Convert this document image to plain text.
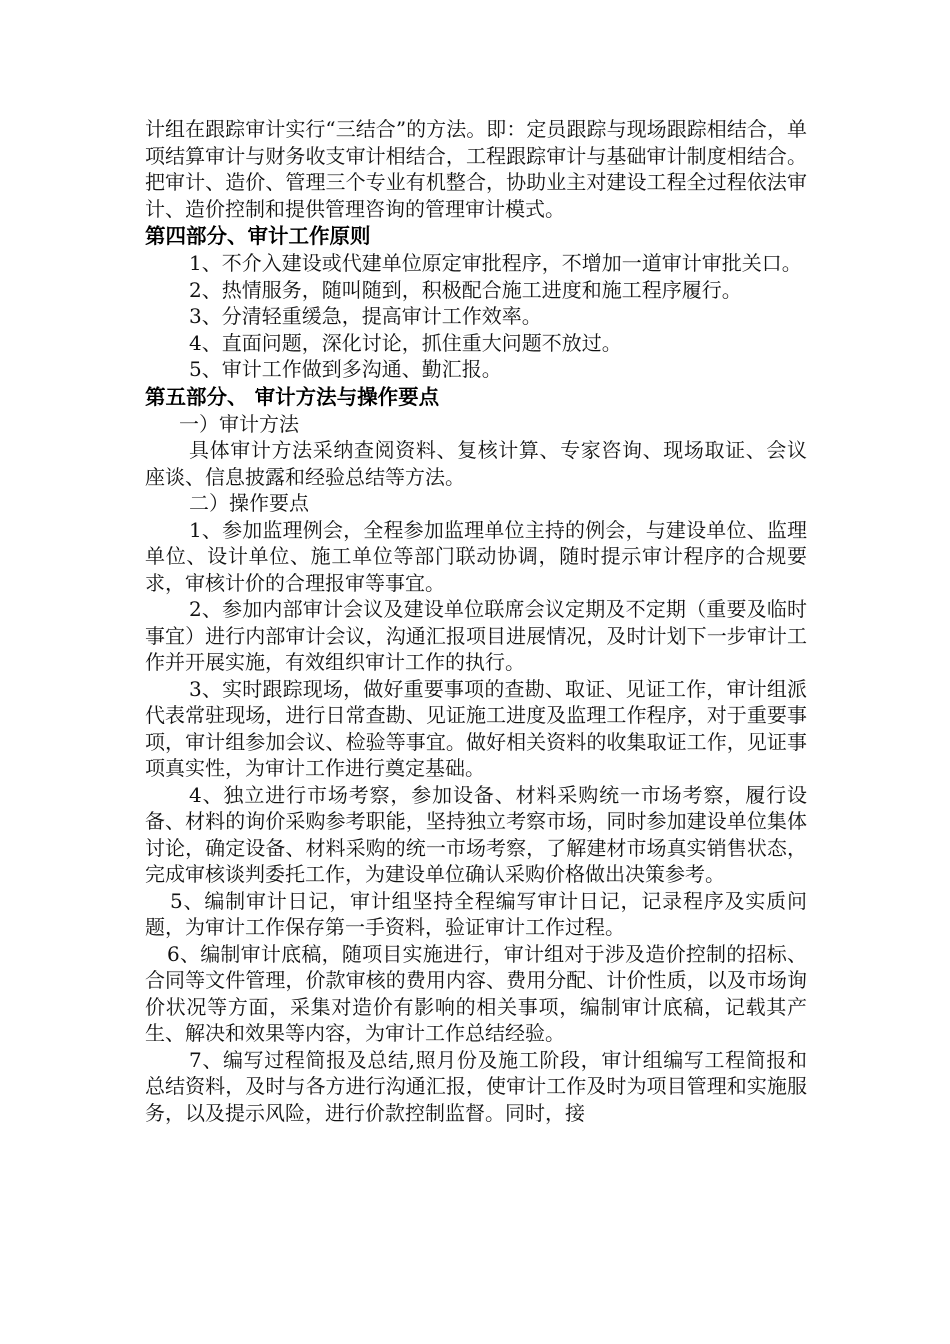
计组在跟踪审计实行“三结合”的方法。即：定员跟踪与现场跟踪相结合，单项结算审计与财务收支审计相结合，工程跟踪审计与基础审计制度相结合。把审计、造价、管理三个专业有机整合，协助业主对建设工程全过程依法审计、造价控制和提供管理咨询的管理审计模式。

第四部分、审计工作原则

1、不介入建设或代建单位原定审批程序，不增加一道审计审批关口。

2、热情服务，随叫随到，积极配合施工进度和施工程序履行。

3、分清轻重缓急，提高审计工作效率。

4、直面问题，深化讨论，抓住重大问题不放过。

5、审计工作做到多沟通、勤汇报。

第五部分、 审计方法与操作要点

一）审计方法

具体审计方法采纳查阅资料、复核计算、专家咨询、现场取证、会议座谈、信息披露和经验总结等方法。

二）操作要点

1、参加监理例会，全程参加监理单位主持的例会，与建设单位、监理单位、设计单位、施工单位等部门联动协调，随时提示审计程序的合规要求，审核计价的合理报审等事宜。

2、参加内部审计会议及建设单位联席会议定期及不定期（重要及临时事宜）进行内部审计会议，沟通汇报项目进展情况，及时计划下一步审计工作并开展实施，有效组织审计工作的执行。

3、实时跟踪现场，做好重要事项的查勘、取证、见证工作，审计组派代表常驻现场，进行日常查勘、见证施工进度及监理工作程序，对于重要事项，审计组参加会议、检验等事宜。做好相关资料的收集取证工作，见证事项真实性，为审计工作进行奠定基础。

4、独立进行市场考察，参加设备、材料采购统一市场考察，履行设备、材料的询价采购参考职能，坚持独立考察市场，同时参加建设单位集体讨论，确定设备、材料采购的统一市场考察，了解建材市场真实销售状态，完成审核谈判委托工作，为建设单位确认采购价格做出决策参考。

5、编制审计日记，审计组坚持全程编写审计日记，记录程序及实质问题，为审计工作保存第一手资料，验证审计工作过程。

6、编制审计底稿，随项目实施进行，审计组对于涉及造价控制的招标、合同等文件管理，价款审核的费用内容、费用分配、计价性质，以及市场询价状况等方面，采集对造价有影响的相关事项，编制审计底稿，记载其产生、解决和效果等内容，为审计工作总结经验。

7、编写过程简报及总结,照月份及施工阶段，审计组编写工程简报和总结资料，及时与各方进行沟通汇报，使审计工作及时为项目管理和实施服务，以及提示风险，进行价款控制监督。同时，接
